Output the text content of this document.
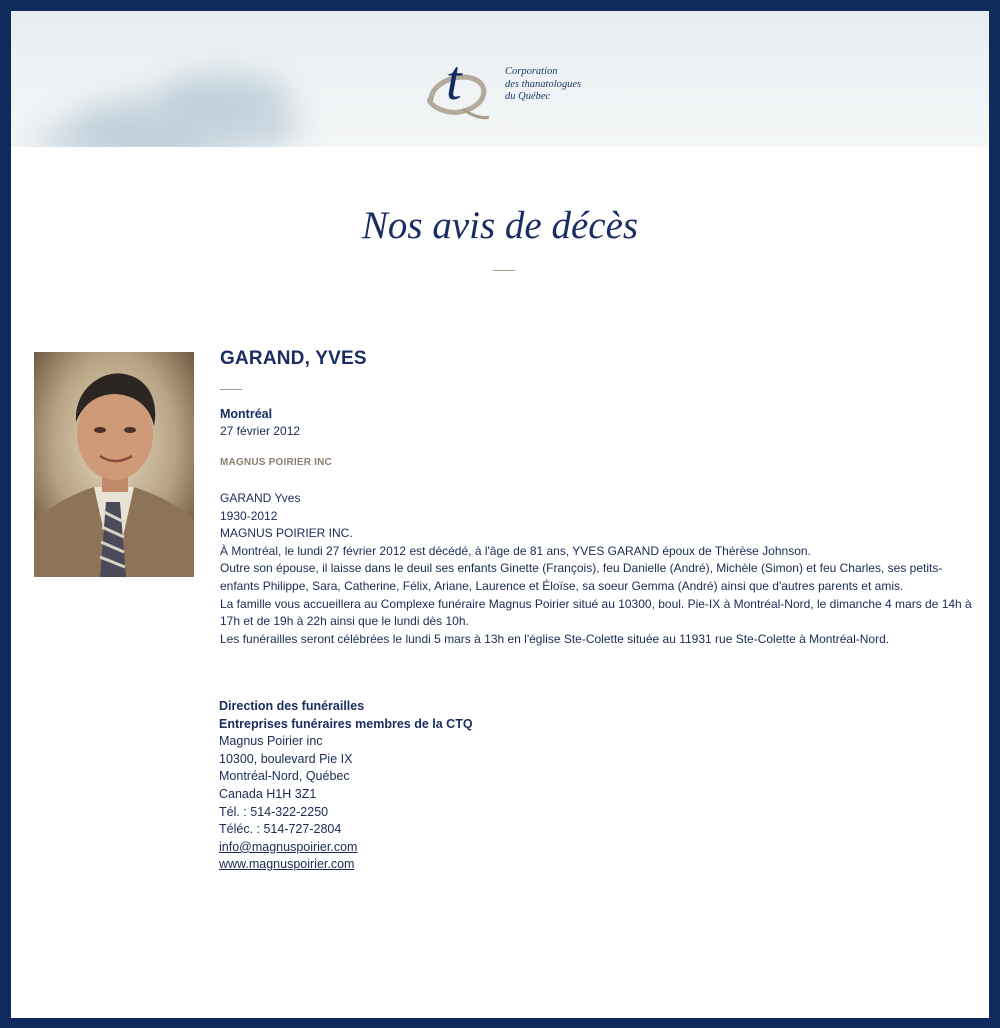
t	Corporation
des thanatologues
du Québec
Nos avis de décès
GARAND, YVES
Montréal
27 février 2012
MAGNUS POIRIER INC
GARAND Yves
1930-2012
MAGNUS POIRIER INC.
À Montréal, le lundi 27 février 2012 est décédé, à l'âge de 81 ans, YVES GARAND époux de Thérèse Johnson.
Outre son épouse, il laisse dans le deuil ses enfants Ginette (François), feu Danielle (André), Michèle (Simon) et feu Charles, ses petits-enfants Philippe, Sara, Catherine, Félix, Ariane, Laurence et Éloïse, sa soeur Gemma (André) ainsi que d'autres parents et amis.
La famille vous accueillera au Complexe funéraire Magnus Poirier situé au 10300, boul. Pie-IX à Montréal-Nord, le dimanche 4 mars de 14h à 17h et de 19h à 22h ainsi que le lundi dès 10h.
Les funérailles seront célébrées le lundi 5 mars à 13h en l'église Ste-Colette située au 11931 rue Ste-Colette à Montréal-Nord.
Direction des funérailles
Entreprises funéraires membres de la CTQ
Magnus Poirier inc
10300, boulevard Pie IX
Montréal-Nord, Québec
Canada H1H 3Z1
Tél. : 514-322-2250
Téléc. : 514-727-2804
info@magnuspoirier.com
www.magnuspoirier.com
